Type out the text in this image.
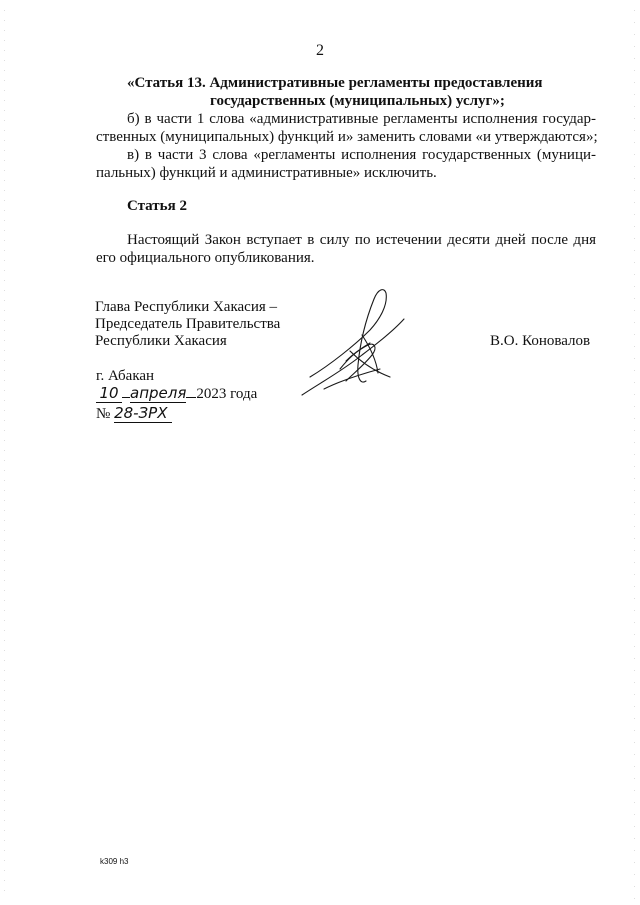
2
«Статья 13. Административные регламенты предоставления
государственных (муниципальных) услуг»;
б) в части 1 слова «административные регламенты исполнения государ-
ственных (муниципальных) функций и» заменить словами «и утверждаются»;
в) в части 3 слова «регламенты исполнения государственных (муници-
пальных) функций и административные» исключить.
Статья 2
Настоящий Закон вступает в силу по истечении десяти дней после дня
его официального опубликования.
Глава Республики Хакасия –
Председатель Правительства
Республики Хакасия	В.О. Коновалов
г. Абакан
10 апреля 2023 года
№ 28-ЗРХ
k309 h3
